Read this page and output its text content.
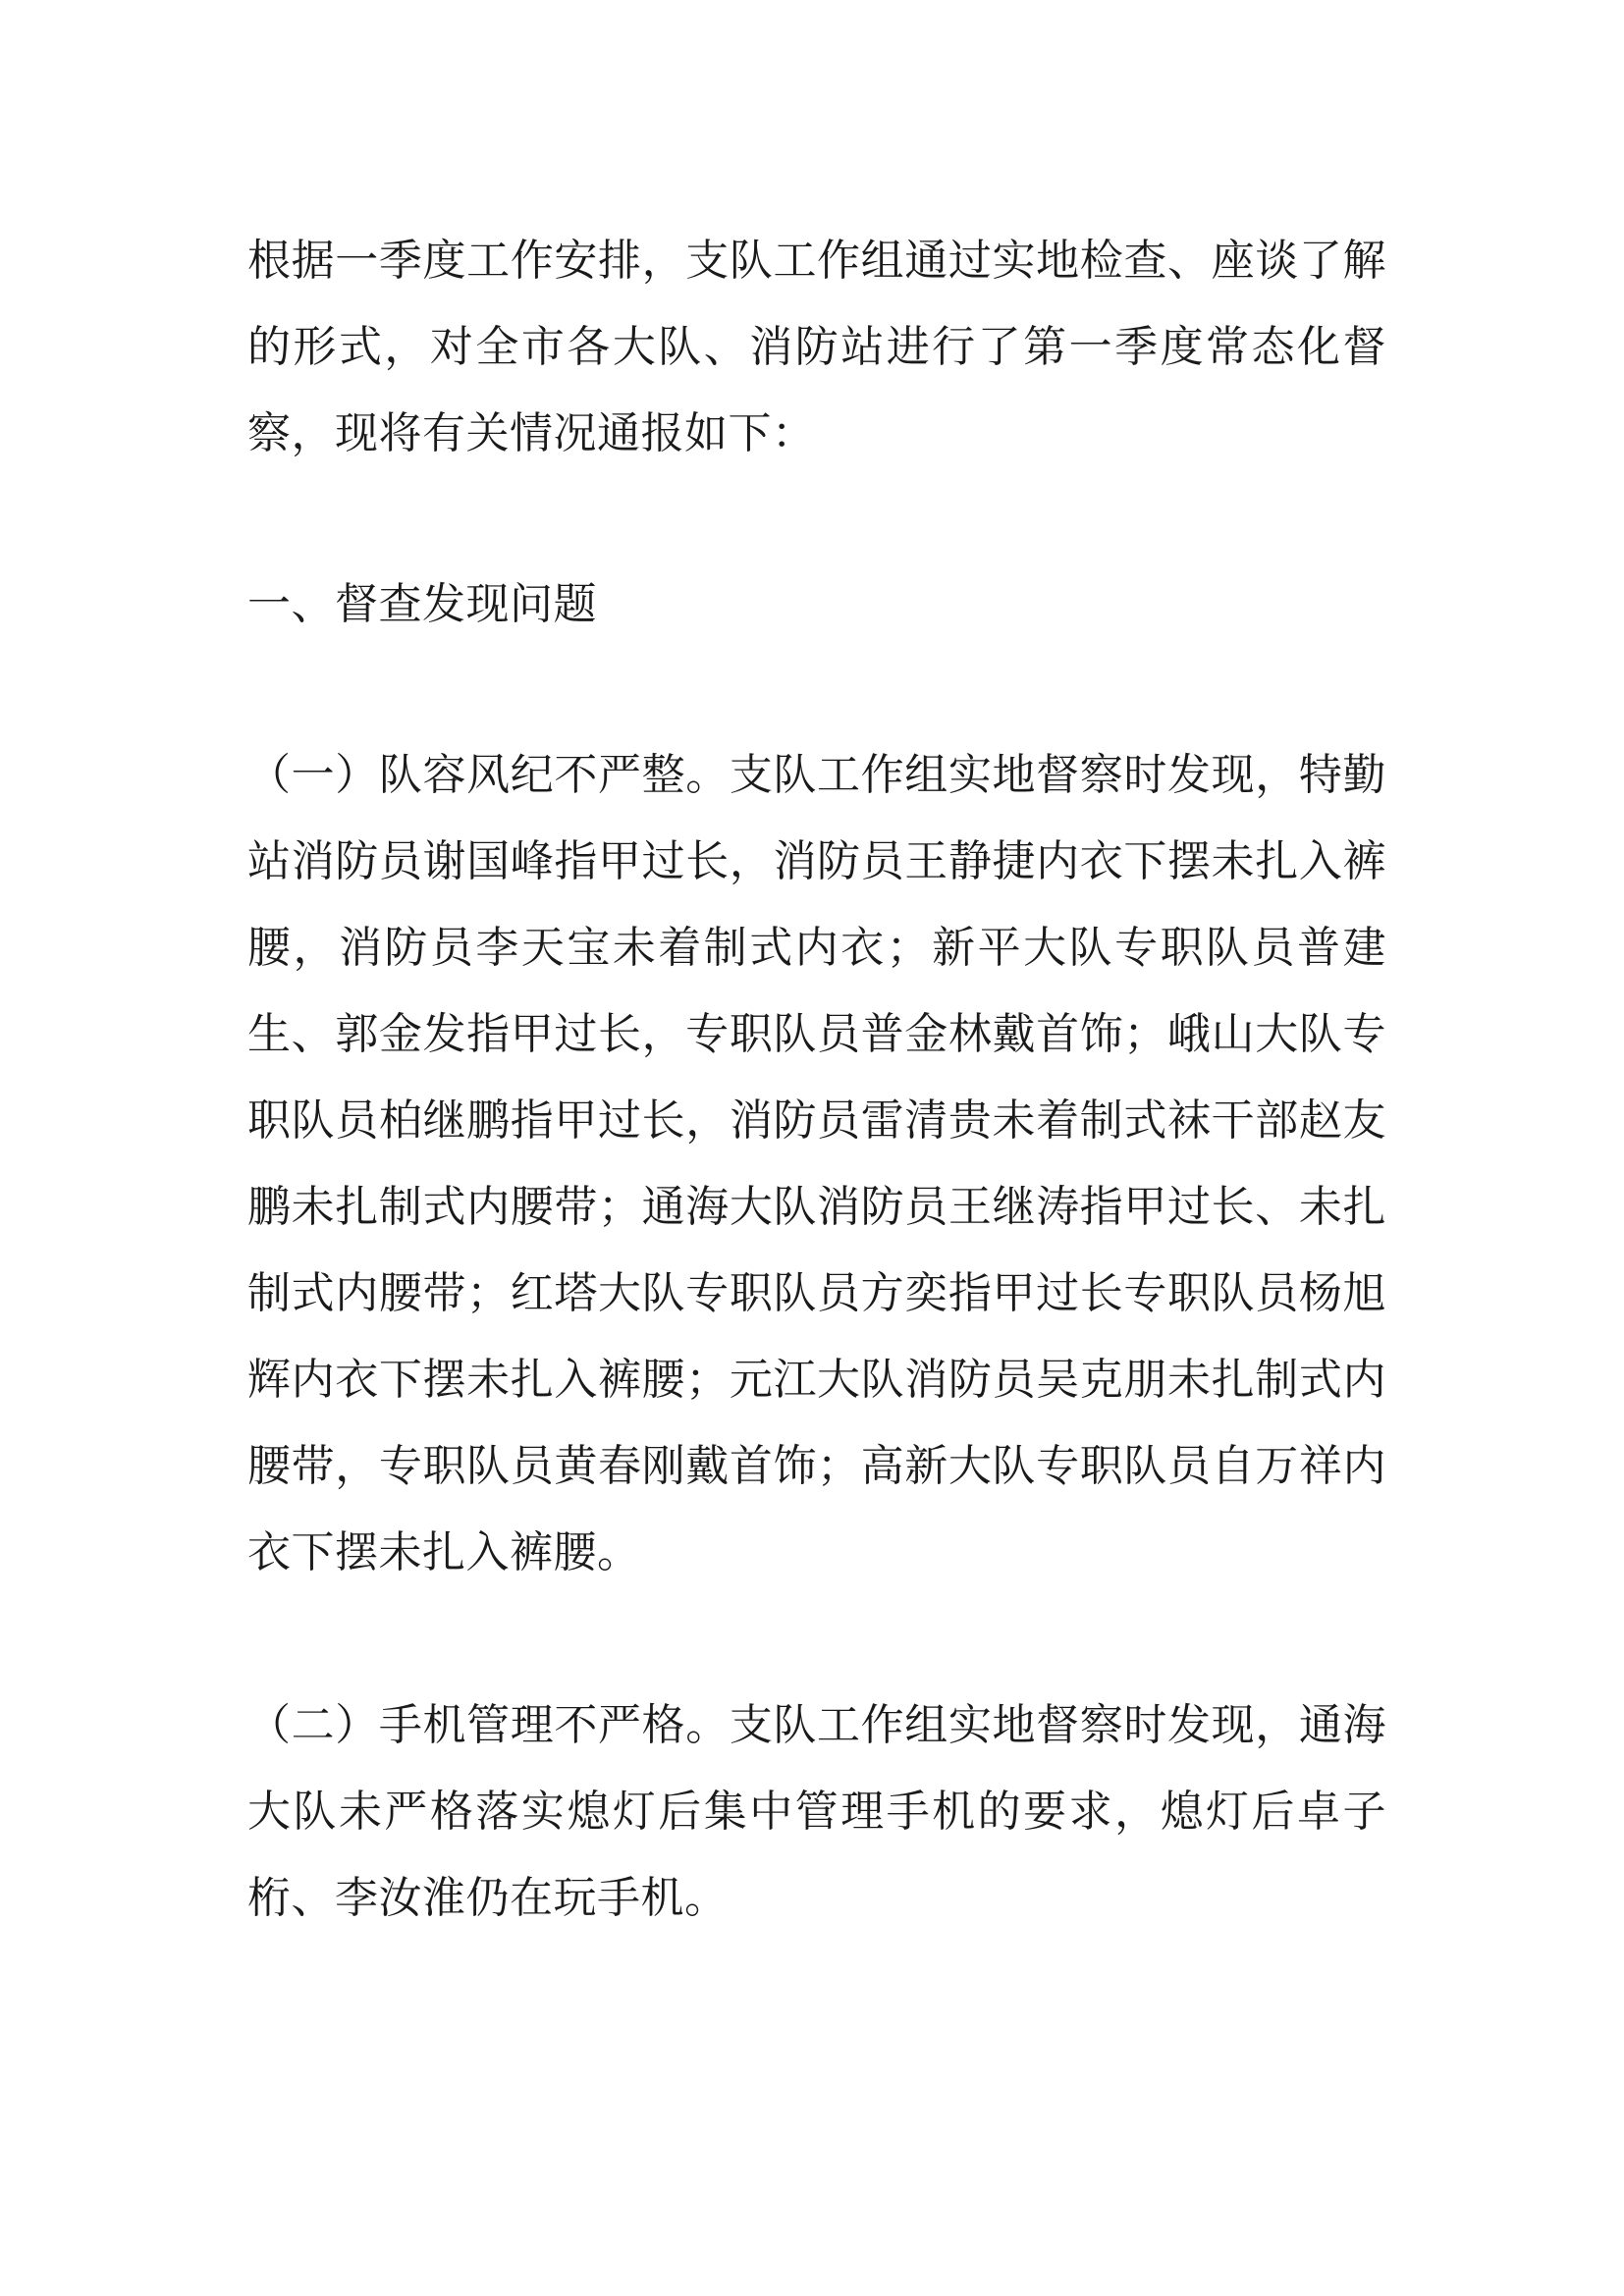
根据一季度工作安排，支队工作组通过实地检查、座谈了解的形式，对全市各大队、消防站进行了第一季度常态化督察，现将有关情况通报如下：

一、督查发现问题

（一）队容风纪不严整。支队工作组实地督察时发现，特勤站消防员谢国峰指甲过长，消防员王静捷内衣下摆未扎入裤腰，消防员李天宝未着制式内衣；新平大队专职队员普建生、郭金发指甲过长，专职队员普金林戴首饰；峨山大队专职队员柏继鹏指甲过长，消防员雷清贵未着制式袜干部赵友鹏未扎制式内腰带；通海大队消防员王继涛指甲过长、未扎制式内腰带；红塔大队专职队员方奕指甲过长专职队员杨旭辉内衣下摆未扎入裤腰；元江大队消防员吴克朋未扎制式内腰带，专职队员黄春刚戴首饰；高新大队专职队员自万祥内衣下摆未扎入裤腰。

（二）手机管理不严格。支队工作组实地督察时发现，通海大队未严格落实熄灯后集中管理手机的要求，熄灯后卓子桁、李汝淮仍在玩手机。
